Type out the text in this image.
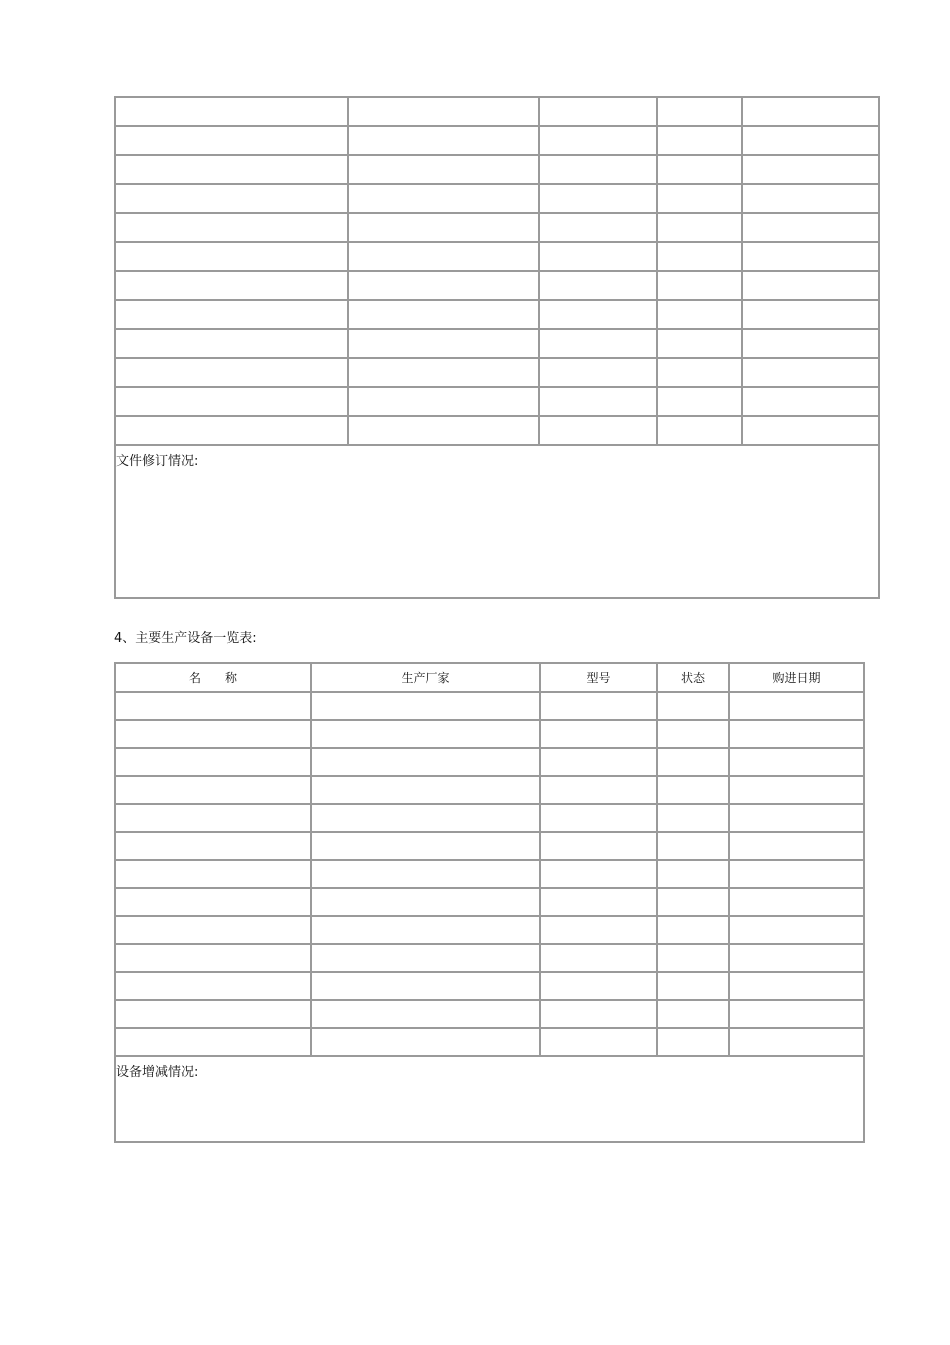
文件修订情况:				
4、主要生产设备一览表:
名　　称	生产厂家	型号	状态	购进日期

设备增减情况:				
